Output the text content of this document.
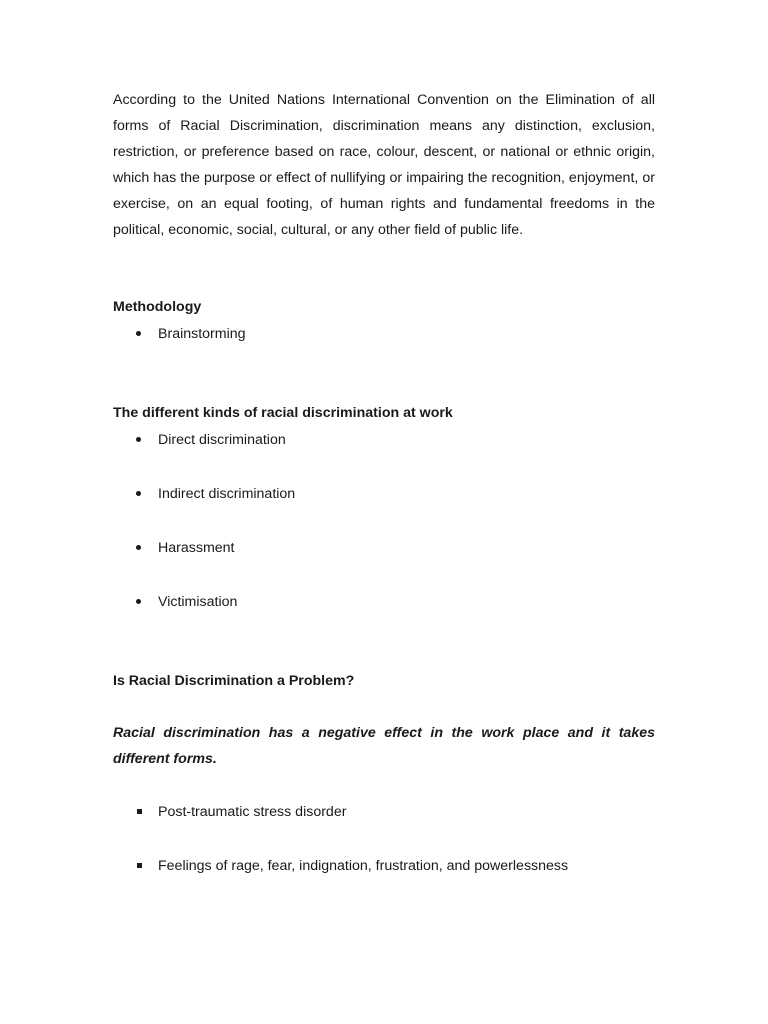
According to the United Nations International Convention on the Elimination of all forms of Racial Discrimination, discrimination means any distinction, exclusion, restriction, or preference based on race, colour, descent, or national or ethnic origin, which has the purpose or effect of nullifying or impairing the recognition, enjoyment, or exercise, on an equal footing, of human rights and fundamental freedoms in the political, economic, social, cultural, or any other field of public life.

Methodology

Brainstorming

The different kinds of racial discrimination at work

Direct discrimination

Indirect discrimination

Harassment

Victimisation

Is Racial Discrimination a Problem?

Racial discrimination has a negative effect in the work place and it takes different forms.

Post-traumatic stress disorder

Feelings of rage, fear, indignation, frustration, and powerlessness
